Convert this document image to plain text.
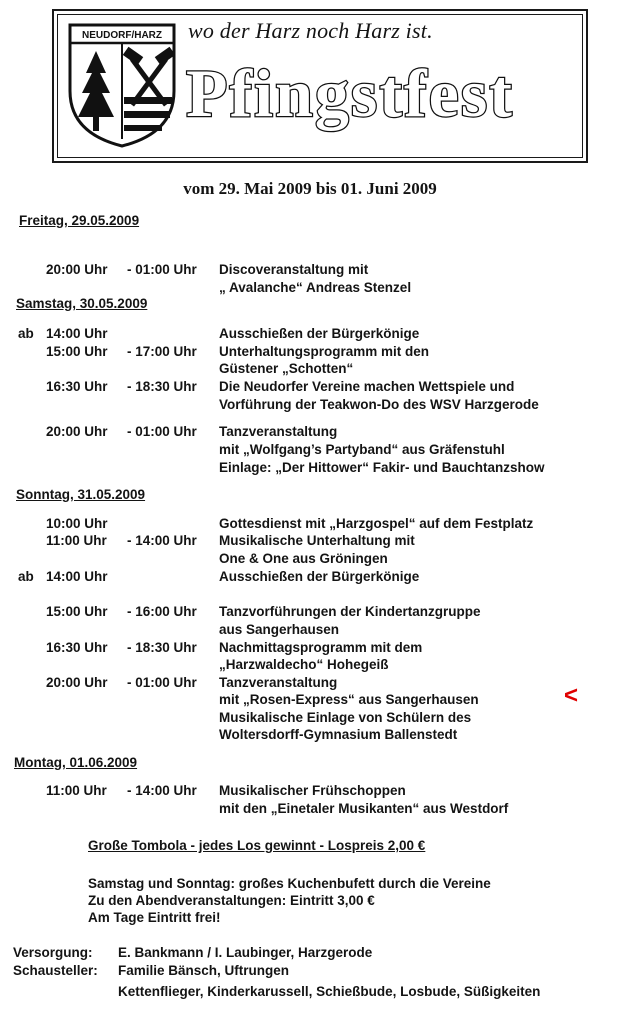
NEUDORF/HARZ wo der Harz noch Harz ist.
Pfingstfest
vom 29. Mai 2009 bis 01. Juni 2009
Freitag, 29.05.2009
Samstag, 30.05.2009
Sonntag, 31.05.2009
Montag, 01.06.2009
20:00 Uhr - 01:00 Uhr Discoveranstaltung mit
„ Avalanche“ Andreas Stenzel
ab 14:00 Uhr	Ausschießen der Bürgerkönige
15:00 Uhr - 17:00 Uhr Unterhaltungsprogramm mit den
Güstener „Schotten“
16:30 Uhr - 18:30 Uhr Die Neudorfer Vereine machen Wettspiele und
Vorführung der Teakwon-Do des WSV Harzgerode
20:00 Uhr - 01:00 Uhr Tanzveranstaltung
mit „Wolfgang’s Partyband“ aus Gräfenstuhl
Einlage: „Der Hittower“ Fakir- und Bauchtanzshow
10:00 Uhr	Gottesdienst mit „Harzgospel“ auf dem Festplatz
11:00 Uhr - 14:00 Uhr Musikalische Unterhaltung mit
One & One aus Gröningen
ab 14:00 Uhr	Ausschießen der Bürgerkönige
15:00 Uhr - 16:00 Uhr Tanzvorführungen der Kindertanzgruppe
aus Sangerhausen
16:30 Uhr - 18:30 Uhr Nachmittagsprogramm mit dem
„Harzwaldecho“ Hohegeiß
20:00 Uhr - 01:00 Uhr Tanzveranstaltung
mit „Rosen-Express“ aus Sangerhausen
Musikalische Einlage von Schülern des
Woltersdorff-Gymnasium Ballenstedt
11:00 Uhr - 14:00 Uhr Musikalischer Frühschoppen
mit den „Einetaler Musikanten“ aus Westdorf
<
Große Tombola - jedes Los gewinnt - Lospreis 2,00 €
Samstag und Sonntag: großes Kuchenbufett durch die Vereine
Zu den Abendveranstaltungen: Eintritt 3,00 €
Am Tage Eintritt frei!
Versorgung: E. Bankmann / I. Laubinger, Harzgerode
Schausteller: Familie Bänsch, Uftrungen
Kettenflieger, Kinderkarussell, Schießbude, Losbude, Süßigkeiten
